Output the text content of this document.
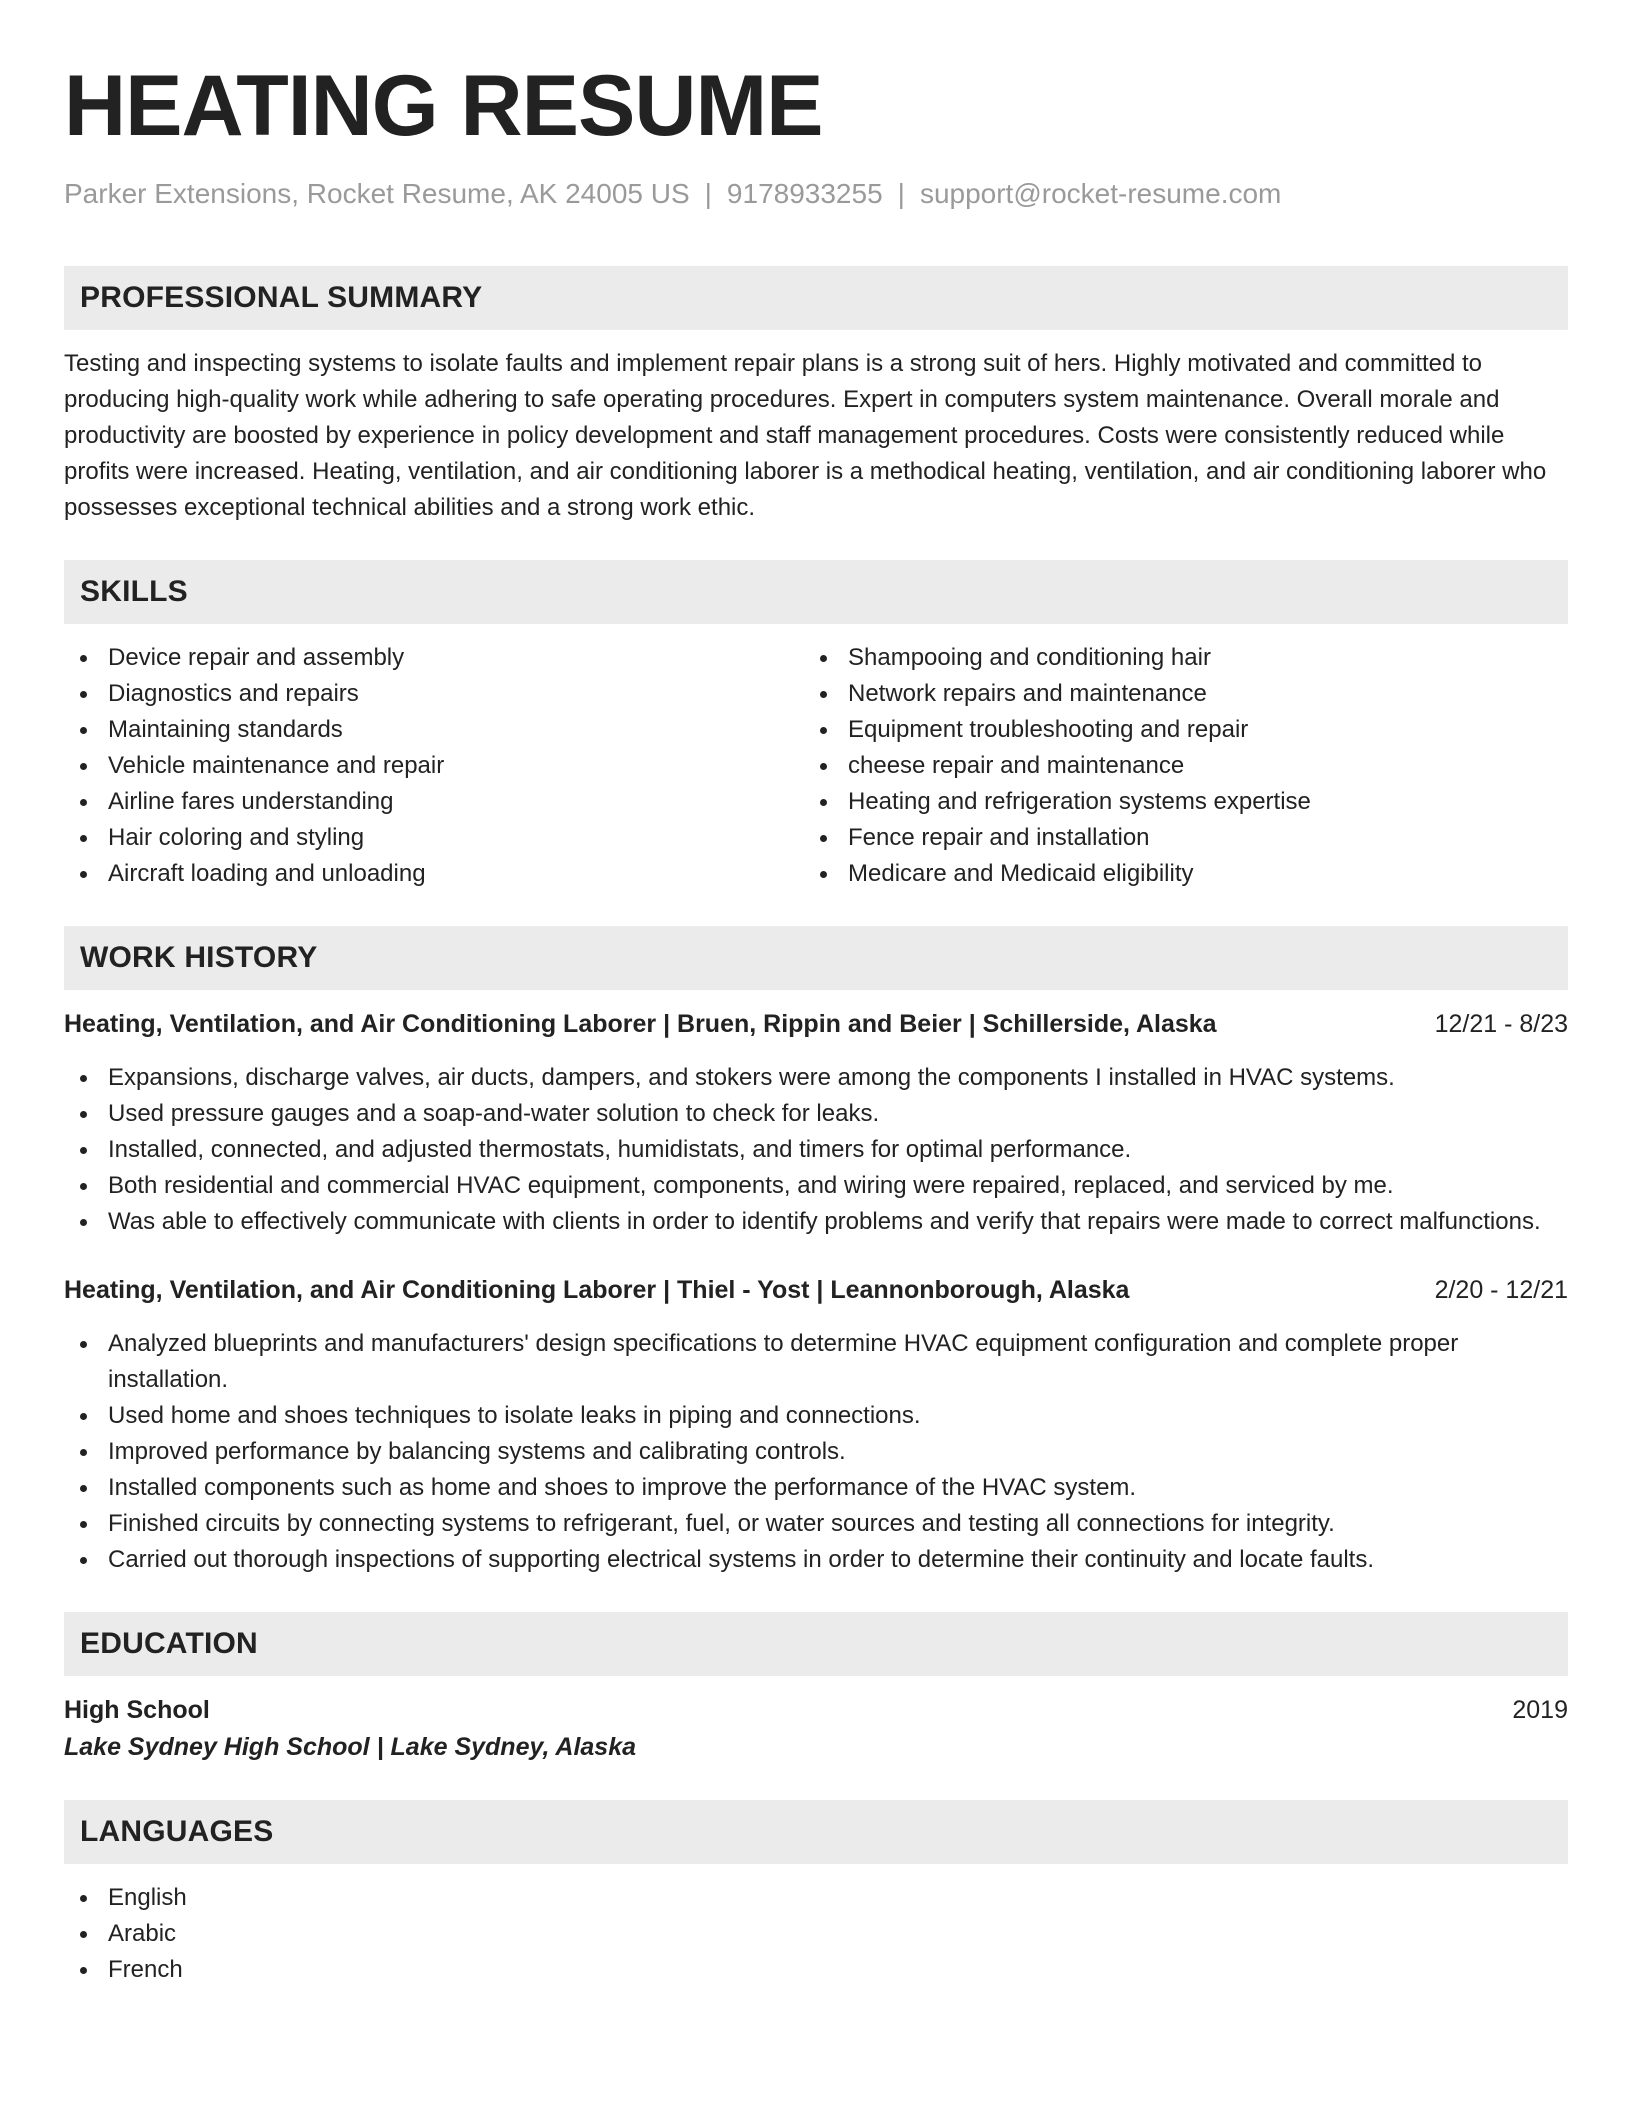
HEATING RESUME
Parker Extensions, Rocket Resume, AK 24005 US | 9178933255 | support@rocket-resume.com
PROFESSIONAL SUMMARY

Testing and inspecting systems to isolate faults and implement repair plans is a strong suit of hers. Highly motivated and committed to producing high-quality work while adhering to safe operating procedures. Expert in computers system maintenance. Overall morale and productivity are boosted by experience in policy development and staff management procedures. Costs were consistently reduced while profits were increased. Heating, ventilation, and air conditioning laborer is a methodical heating, ventilation, and air conditioning laborer who possesses exceptional technical abilities and a strong work ethic.

SKILLS
Device repair and assembly
Diagnostics and repairs
Maintaining standards
Vehicle maintenance and repair
Airline fares understanding
Hair coloring and styling
Aircraft loading and unloading
Shampooing and conditioning hair
Network repairs and maintenance
Equipment troubleshooting and repair
cheese repair and maintenance
Heating and refrigeration systems expertise
Fence repair and installation
Medicare and Medicaid eligibility
WORK HISTORY
Heating, Ventilation, and Air Conditioning Laborer | Bruen, Rippin and Beier | Schillerside, Alaska	12/21 - 8/23
Expansions, discharge valves, air ducts, dampers, and stokers were among the components I installed in HVAC systems.
Used pressure gauges and a soap-and-water solution to check for leaks.
Installed, connected, and adjusted thermostats, humidistats, and timers for optimal performance.
Both residential and commercial HVAC equipment, components, and wiring were repaired, replaced, and serviced by me.
Was able to effectively communicate with clients in order to identify problems and verify that repairs were made to correct malfunctions.
Heating, Ventilation, and Air Conditioning Laborer | Thiel - Yost | Leannonborough, Alaska	2/20 - 12/21
Analyzed blueprints and manufacturers' design specifications to determine HVAC equipment configuration and complete proper installation.
Used home and shoes techniques to isolate leaks in piping and connections.
Improved performance by balancing systems and calibrating controls.
Installed components such as home and shoes to improve the performance of the HVAC system.
Finished circuits by connecting systems to refrigerant, fuel, or water sources and testing all connections for integrity.
Carried out thorough inspections of supporting electrical systems in order to determine their continuity and locate faults.
EDUCATION
High School	2019
Lake Sydney High School | Lake Sydney, Alaska
LANGUAGES
English
Arabic
French
